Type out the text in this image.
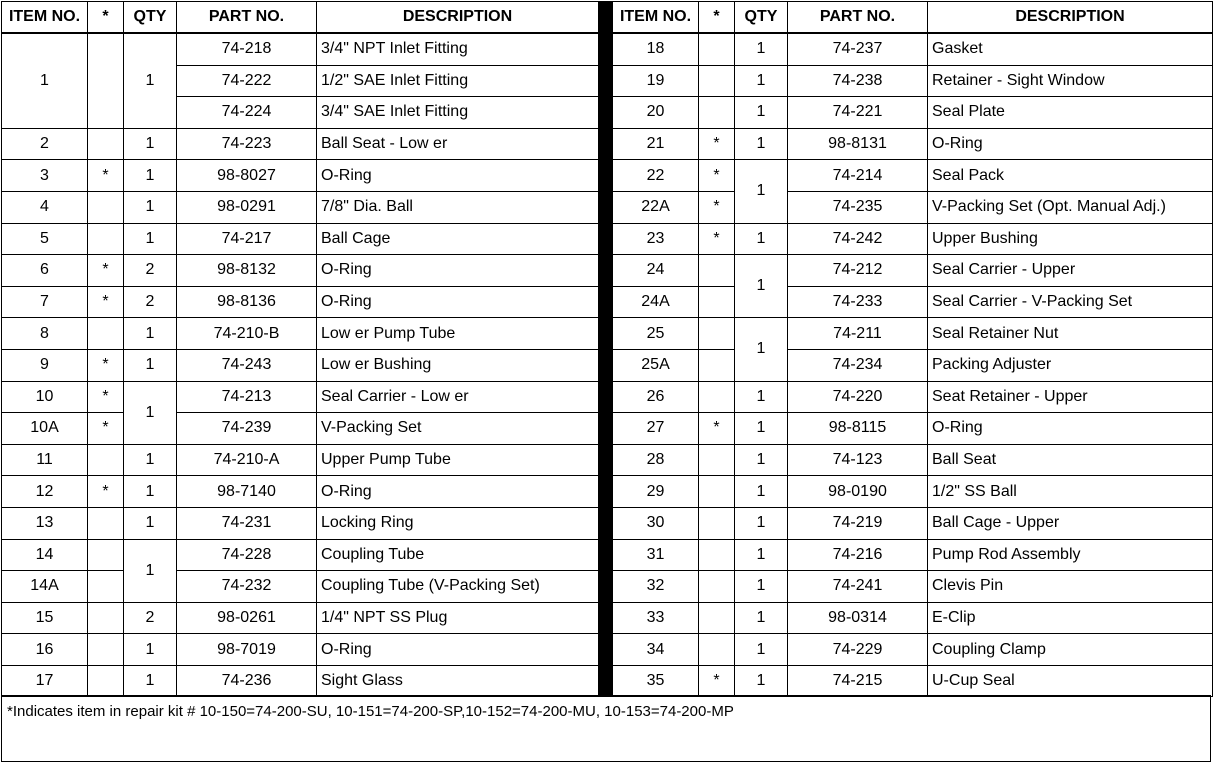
ITEM NO.	*	QTY	PART NO.	DESCRIPTION
1		1	74-218	3/4" NPT Inlet Fitting
			74-222	1/2" SAE Inlet Fitting
			74-224	3/4" SAE Inlet Fitting
2		1	74-223	Ball Seat - Low er
3	*	1	98-8027	O-Ring
4		1	98-0291	7/8" Dia. Ball
5		1	74-217	Ball Cage
6	*	2	98-8132	O-Ring
7	*	2	98-8136	O-Ring
8		1	74-210-B	Low er Pump Tube
9	*	1	74-243	Low er Bushing
10	*	1	74-213	Seal Carrier - Low er
10A	*		74-239	V-Packing Set
11		1	74-210-A	Upper Pump Tube
12	*	1	98-7140	O-Ring
13		1	74-231	Locking Ring
14		1	74-228	Coupling Tube
14A			74-232	Coupling Tube (V-Packing Set)
15		2	98-0261	1/4" NPT SS Plug
16		1	98-7019	O-Ring
17		1	74-236	Sight Glass
ITEM NO.	*	QTY	PART NO.	DESCRIPTION
18		1	74-237	Gasket
19		1	74-238	Retainer - Sight Window
20		1	74-221	Seal Plate
21	*	1	98-8131	O-Ring
22	*	1	74-214	Seal Pack
22A	*		74-235	V-Packing Set (Opt. Manual Adj.)
23	*	1	74-242	Upper Bushing
24		1	74-212	Seal Carrier - Upper
24A			74-233	Seal Carrier - V-Packing Set
25		1	74-211	Seal Retainer Nut
25A			74-234	Packing Adjuster
26		1	74-220	Seat Retainer - Upper
27	*	1	98-8115	O-Ring
28		1	74-123	Ball Seat
29		1	98-0190	1/2" SS Ball
30		1	74-219	Ball Cage - Upper
31		1	74-216	Pump Rod Assembly
32		1	74-241	Clevis Pin
33		1	98-0314	E-Clip
34		1	74-229	Coupling Clamp
35	*	1	74-215	U-Cup Seal
*Indicates item in repair kit # 10-150=74-200-SU, 10-151=74-200-SP,10-152=74-200-MU, 10-153=74-200-MP
